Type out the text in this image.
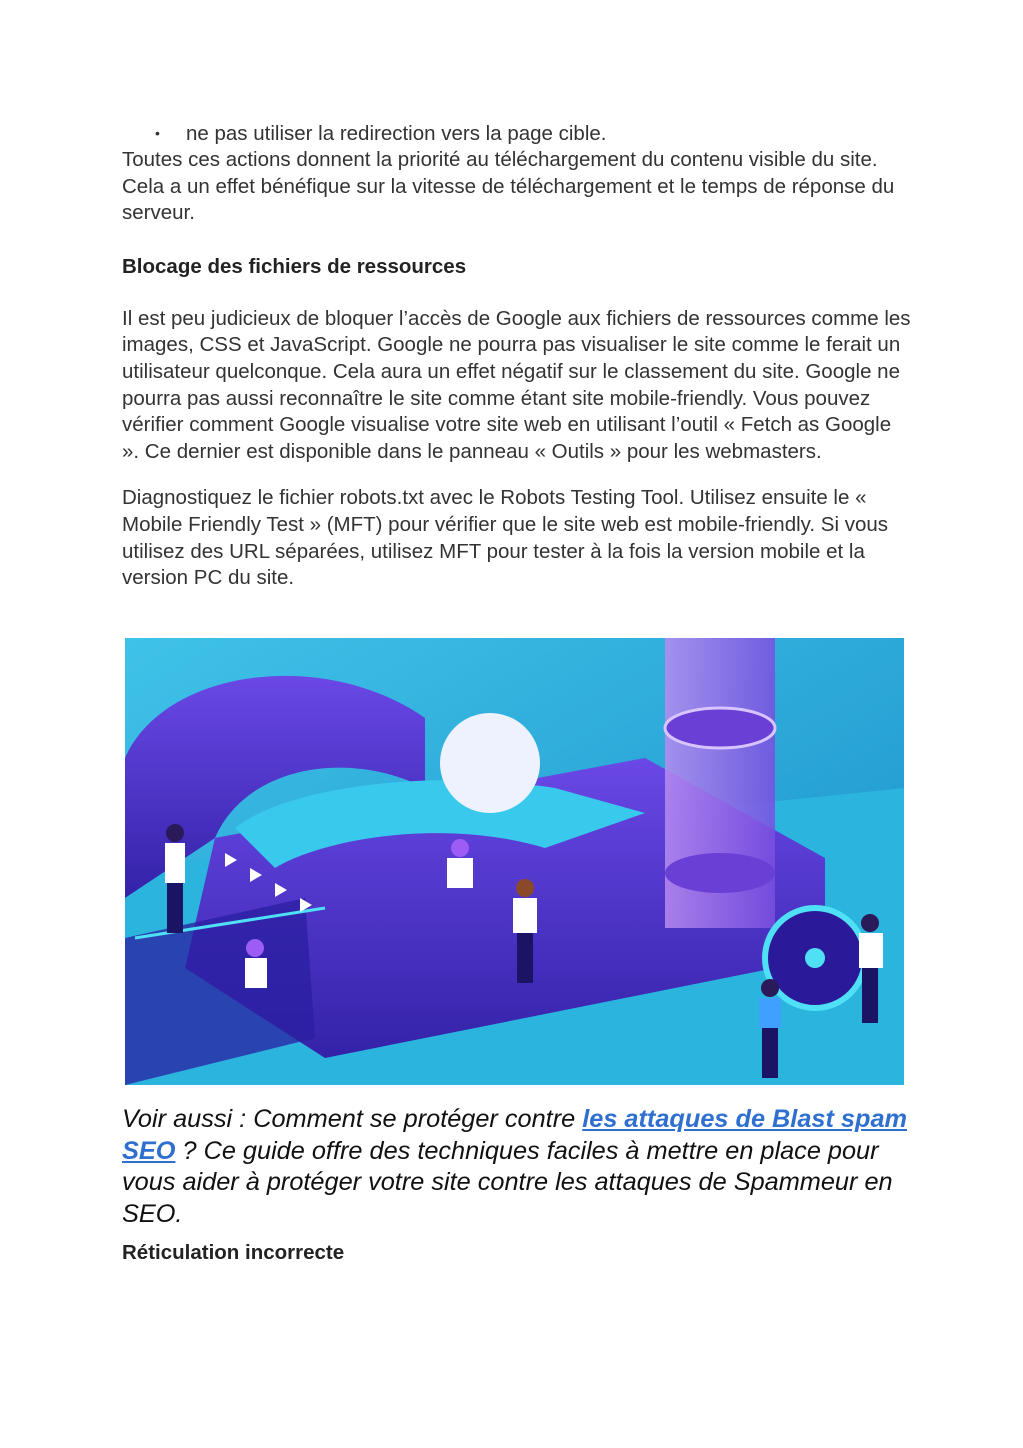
• ne pas utiliser la redirection vers la page cible.

Toutes ces actions donnent la priorité au téléchargement du contenu visible du site. Cela a un effet bénéfique sur la vitesse de téléchargement et le temps de réponse du serveur.

Blocage des fichiers de ressources

Il est peu judicieux de bloquer l’accès de Google aux fichiers de ressources comme les images, CSS et JavaScript. Google ne pourra pas visualiser le site comme le ferait un utilisateur quelconque. Cela aura un effet négatif sur le classement du site. Google ne pourra pas aussi reconnaître le site comme étant site mobile-friendly. Vous pouvez vérifier comment Google visualise votre site web en utilisant l’outil « Fetch as Google ». Ce dernier est disponible dans le panneau « Outils » pour les webmasters.

Diagnostiquez le fichier robots.txt avec le Robots Testing Tool. Utilisez ensuite le « Mobile Friendly Test » (MFT) pour vérifier que le site web est mobile-friendly. Si vous utilisez des URL séparées, utilisez MFT pour tester à la fois la version mobile et la version PC du site.

Voir aussi : Comment se protéger contre les attaques de Blast spam SEO ? Ce guide offre des techniques faciles à mettre en place pour vous aider à protéger votre site contre les attaques de Spammeur en SEO.

Réticulation incorrecte
